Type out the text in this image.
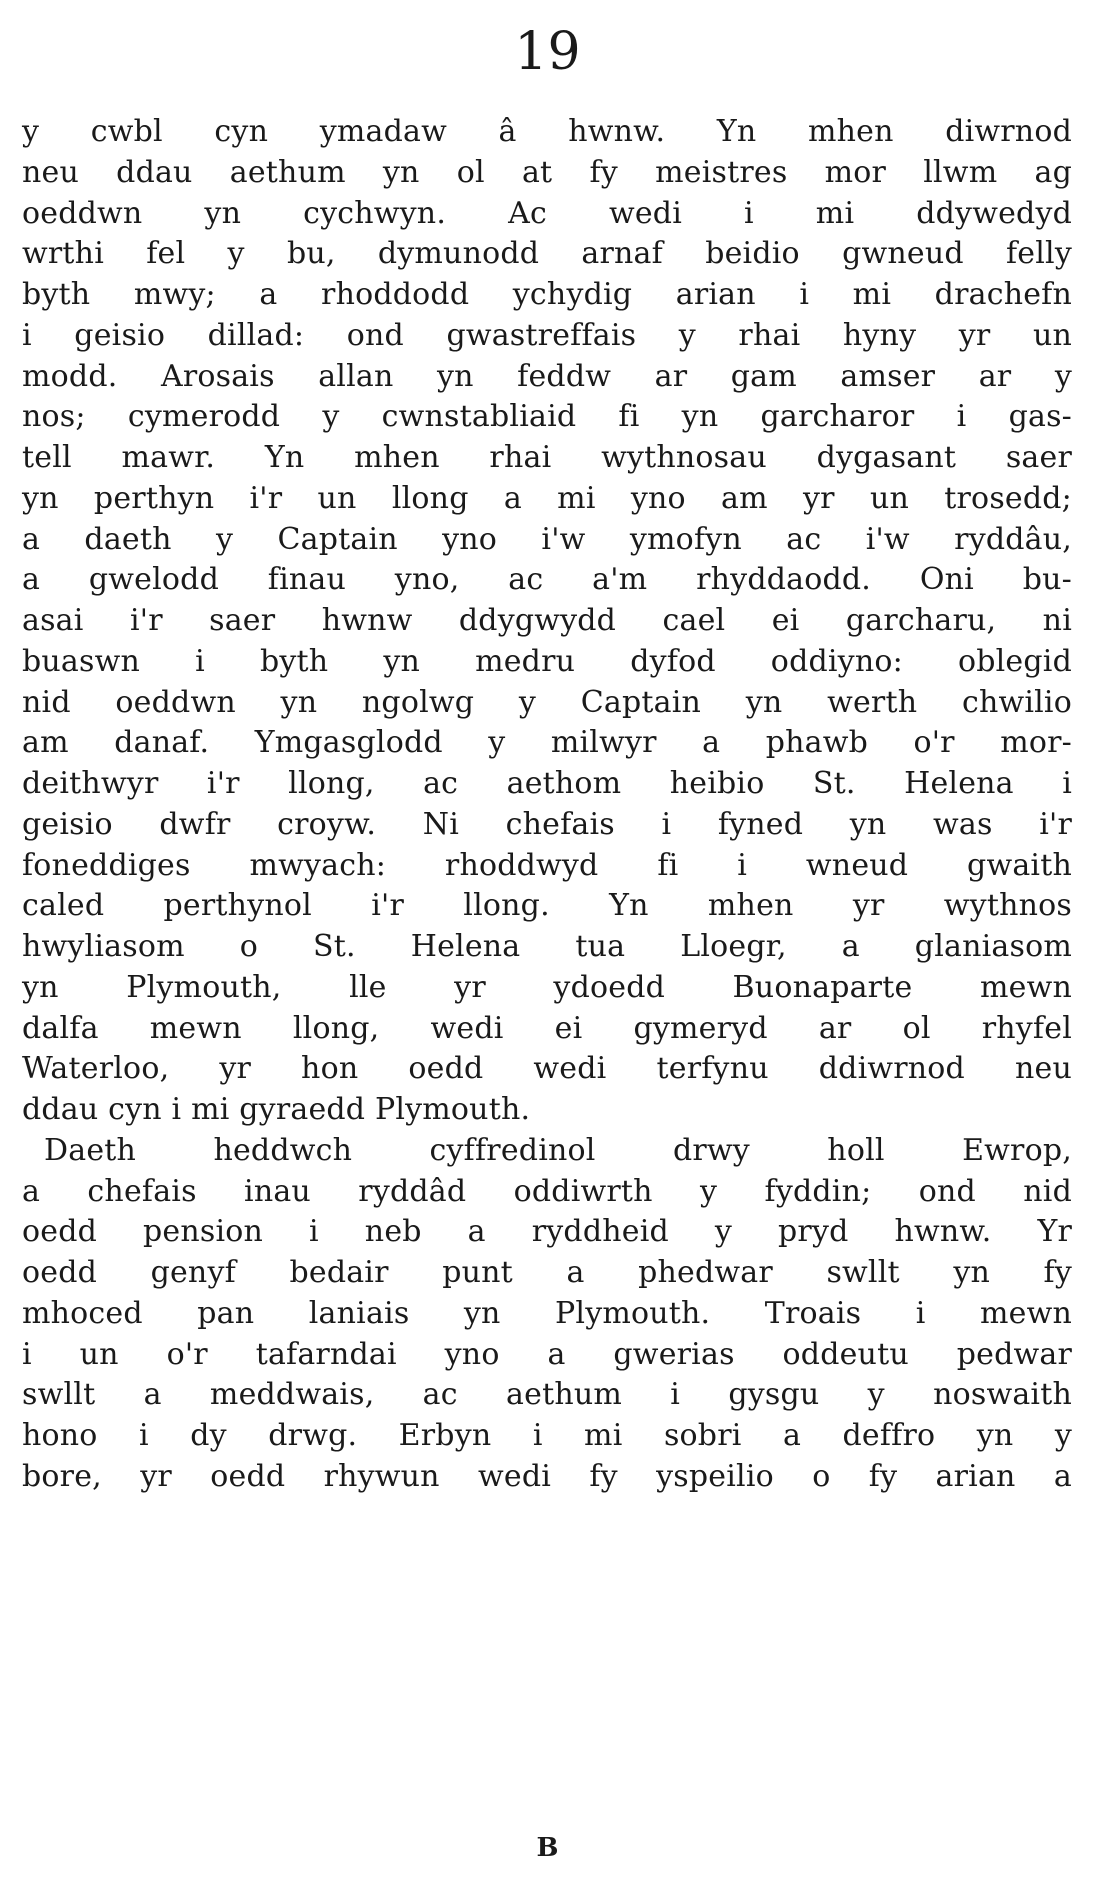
19
y cwbl cyn ymadaw â hwnw. Yn mhen diwrnod
neu ddau aethum yn ol at fy meistres mor llwm ag
oeddwn yn cychwyn. Ac wedi i mi ddywedyd
wrthi fel y bu, dymunodd arnaf beidio gwneud felly
byth mwy; a rhoddodd ychydig arian i mi drachefn
i geisio dillad: ond gwastreffais y rhai hyny yr un
modd. Arosais allan yn feddw ar gam amser ar y
nos; cymerodd y cwnstabliaid fi yn garcharor i gas-
tell mawr. Yn mhen rhai wythnosau dygasant saer
yn perthyn i'r un llong a mi yno am yr un trosedd;
a daeth y Captain yno i'w ymofyn ac i'w ryddâu,
a gwelodd finau yno, ac a'm rhyddaodd. Oni bu-
asai i'r saer hwnw ddygwydd cael ei garcharu, ni
buaswn i byth yn medru dyfod oddiyno: oblegid
nid oeddwn yn ngolwg y Captain yn werth chwilio
am danaf. Ymgasglodd y milwyr a phawb o'r mor-
deithwyr i'r llong, ac aethom heibio St. Helena i
geisio dwfr croyw. Ni chefais i fyned yn was i'r
foneddiges mwyach: rhoddwyd fi i wneud gwaith
caled perthynol i'r llong. Yn mhen yr wythnos
hwyliasom o St. Helena tua Lloegr, a glaniasom
yn Plymouth, lle yr ydoedd Buonaparte mewn
dalfa mewn llong, wedi ei gymeryd ar ol rhyfel
Waterloo, yr hon oedd wedi terfynu ddiwrnod neu
ddau cyn i mi gyraedd Plymouth.
Daeth heddwch cyffredinol drwy holl Ewrop,
a chefais inau ryddâd oddiwrth y fyddin; ond nid
oedd pension i neb a ryddheid y pryd hwnw. Yr
oedd genyf bedair punt a phedwar swllt yn fy
mhoced pan laniais yn Plymouth. Troais i mewn
i un o'r tafarndai yno a gwerias oddeutu pedwar
swllt a meddwais, ac aethum i gysgu y noswaith
hono i dy drwg. Erbyn i mi sobri a deffro yn y
bore, yr oedd rhywun wedi fy yspeilio o fy arian a
B
